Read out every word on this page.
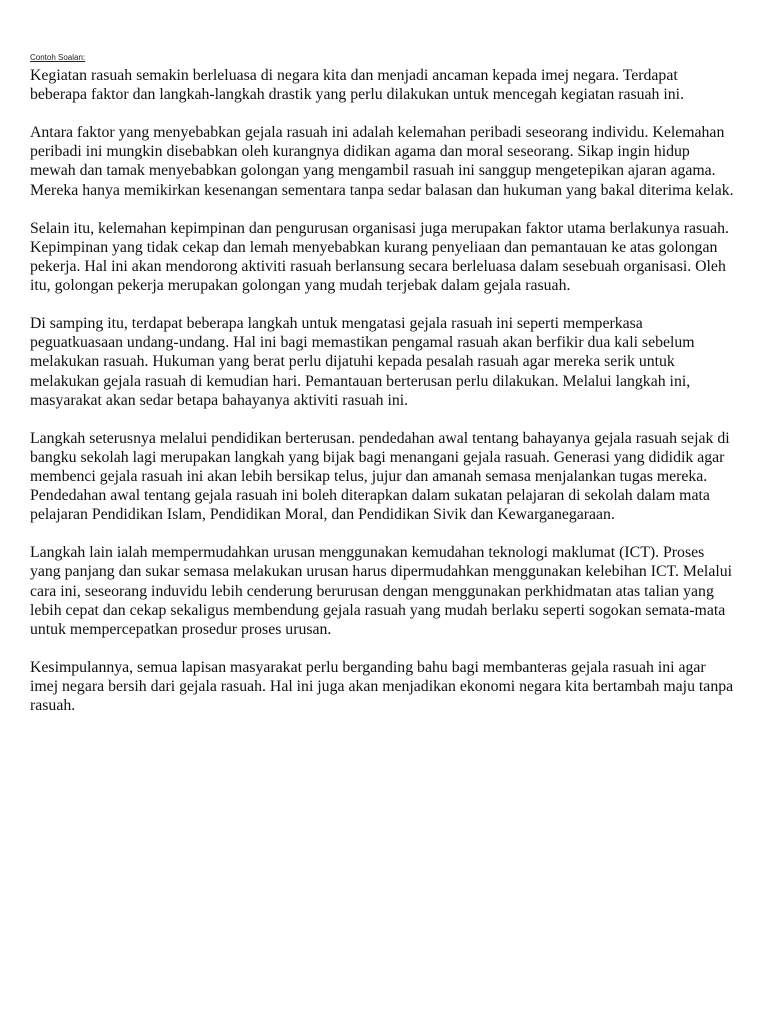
Contoh Soalan:

Kegiatan rasuah semakin berleluasa di negara kita dan menjadi ancaman kepada imej negara. Terdapat beberapa faktor dan langkah-langkah drastik yang perlu dilakukan untuk mencegah kegiatan rasuah ini.

Antara faktor yang menyebabkan gejala rasuah ini adalah kelemahan peribadi seseorang individu. Kelemahan peribadi ini mungkin disebabkan oleh kurangnya didikan agama dan moral seseorang. Sikap ingin hidup mewah dan tamak menyebabkan golongan yang mengambil rasuah ini sanggup mengetepikan ajaran agama. Mereka hanya memikirkan kesenangan sementara tanpa sedar balasan dan hukuman yang bakal diterima kelak.

Selain itu, kelemahan kepimpinan dan pengurusan organisasi juga merupakan faktor utama berlakunya rasuah. Kepimpinan yang tidak cekap dan lemah menyebabkan kurang penyeliaan dan pemantauan ke atas golongan pekerja. Hal ini akan mendorong aktiviti rasuah berlansung secara berleluasa dalam sesebuah organisasi. Oleh itu, golongan pekerja merupakan golongan yang mudah terjebak dalam gejala rasuah.

Di samping itu, terdapat beberapa langkah untuk mengatasi gejala rasuah ini seperti memperkasa peguatkuasaan undang-undang. Hal ini bagi memastikan pengamal rasuah akan berfikir dua kali sebelum melakukan rasuah. Hukuman yang berat perlu dijatuhi kepada pesalah rasuah agar mereka serik untuk melakukan gejala rasuah di kemudian hari. Pemantauan berterusan perlu dilakukan. Melalui langkah ini, masyarakat akan sedar betapa bahayanya aktiviti rasuah ini.

Langkah seterusnya melalui pendidikan berterusan. pendedahan awal tentang bahayanya gejala rasuah sejak di bangku sekolah lagi merupakan langkah yang bijak bagi menangani gejala rasuah. Generasi yang dididik agar membenci gejala rasuah ini akan lebih bersikap telus, jujur dan amanah semasa menjalankan tugas mereka. Pendedahan awal tentang gejala rasuah ini boleh diterapkan dalam sukatan pelajaran di sekolah dalam mata pelajaran Pendidikan Islam, Pendidikan Moral, dan Pendidikan Sivik dan Kewarganegaraan.

Langkah lain ialah mempermudahkan urusan menggunakan kemudahan teknologi maklumat (ICT). Proses yang panjang dan sukar semasa melakukan urusan harus dipermudahkan menggunakan kelebihan ICT. Melalui cara ini, seseorang induvidu lebih cenderung berurusan dengan menggunakan perkhidmatan atas talian yang lebih cepat dan cekap sekaligus membendung gejala rasuah yang mudah berlaku seperti sogokan semata-mata untuk mempercepatkan prosedur proses urusan.

Kesimpulannya, semua lapisan masyarakat perlu berganding bahu bagi membanteras gejala rasuah ini agar imej negara bersih dari gejala rasuah. Hal ini juga akan menjadikan ekonomi negara kita bertambah maju tanpa rasuah.
